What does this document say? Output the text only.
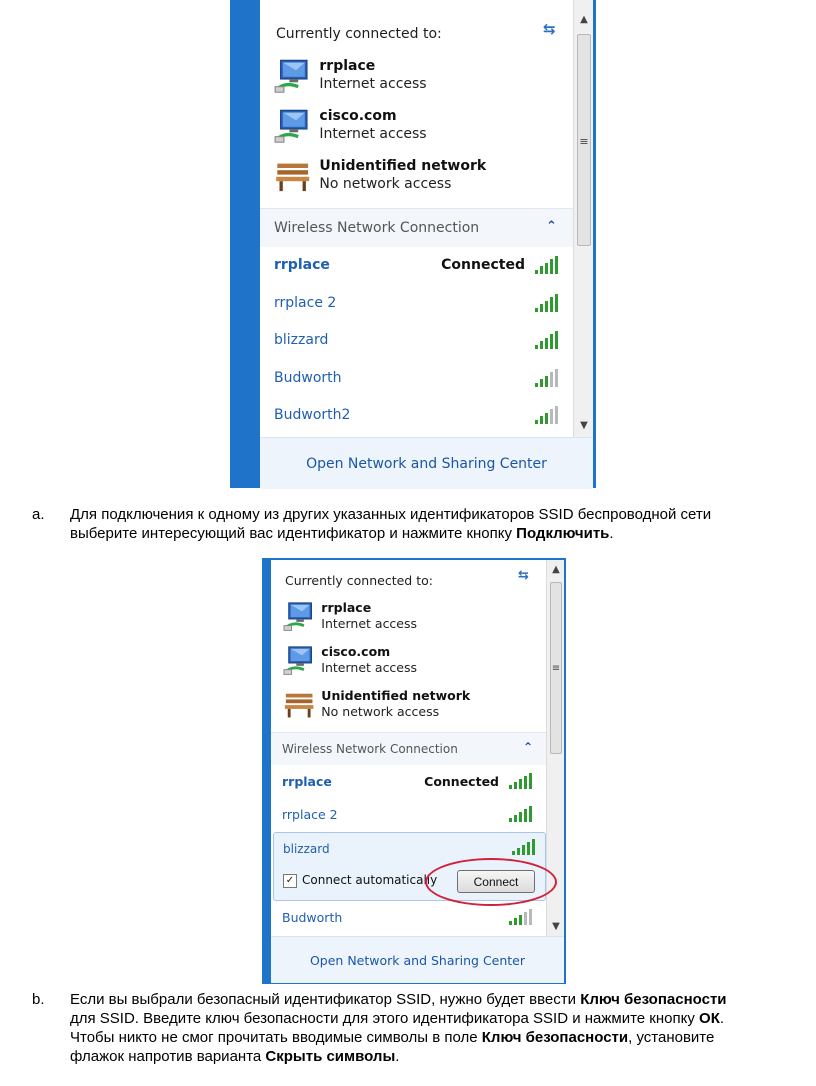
Currently connected to:	⇆
rrplace
Internet access
cisco.com
Internet access
Unidentified network
No network access
Wireless Network Connection	⌃
rrplace	Connected
rrplace 2
blizzard
Budworth
Budworth2
▲
≡
▼
Open Network and Sharing Center
a. Для подключения к одному из других указанных идентификаторов SSID беспроводной сети
выберите интересующий вас идентификатор и нажмите кнопку Подключить.
Currently connected to:	⇆
rrplace
Internet access
cisco.com
Internet access
Unidentified network
No network access
Wireless Network Connection	⌃
rrplace	Connected
rrplace 2
blizzard
✓ Connect automatically	Connect
Budworth
▲
≡
▼
Open Network and Sharing Center
b. Если вы выбрали безопасный идентификатор SSID, нужно будет ввести Ключ безопасности
для SSID. Введите ключ безопасности для этого идентификатора SSID и нажмите кнопку ОК.
Чтобы никто не смог прочитать вводимые символы в поле Ключ безопасности, установите
флажок напротив варианта Скрыть символы.
